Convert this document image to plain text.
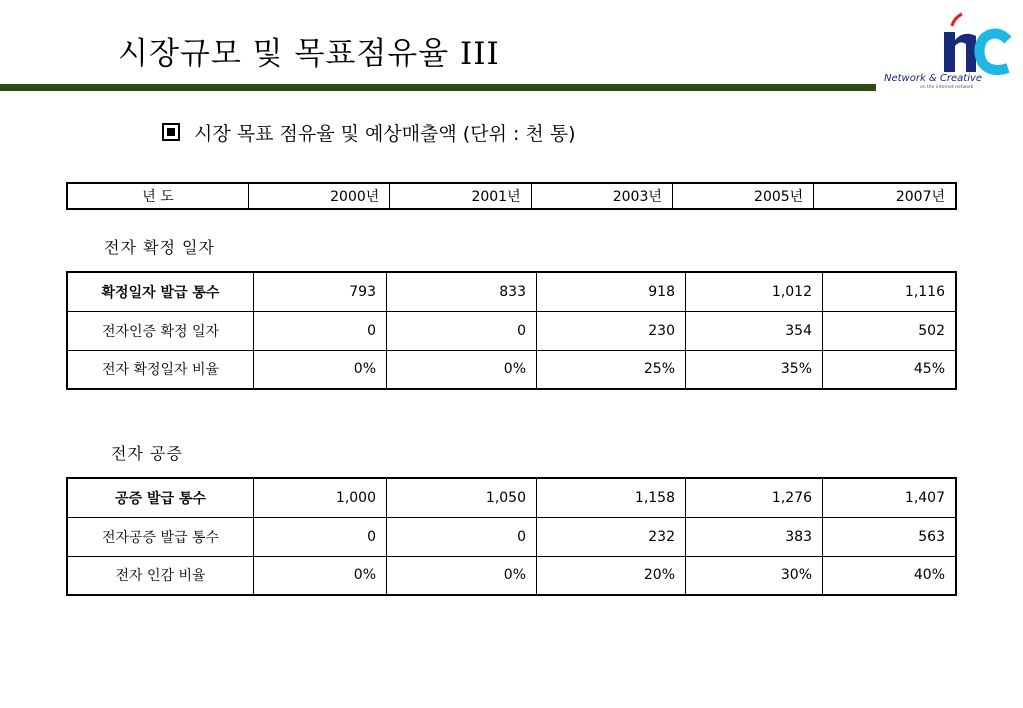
시장규모 및 목표점유율 III
Network & Creative
on the internet network
시장 목표 점유율 및 예상매출액 (단위 : 천 통)
년 도	2000년	2001년	2003년	2005년	2007년
전자 확정 일자
확정일자 발급 통수	793	833	918	1,012	1,116
전자인증 확정 일자	0	0	230	354	502
전자 확정일자 비율	0%	0%	25%	35%	45%
전자 공증
공증 발급 통수	1,000	1,050	1,158	1,276	1,407
전자공증 발급 통수	0	0	232	383	563
전자 인감 비율	0%	0%	20%	30%	40%
